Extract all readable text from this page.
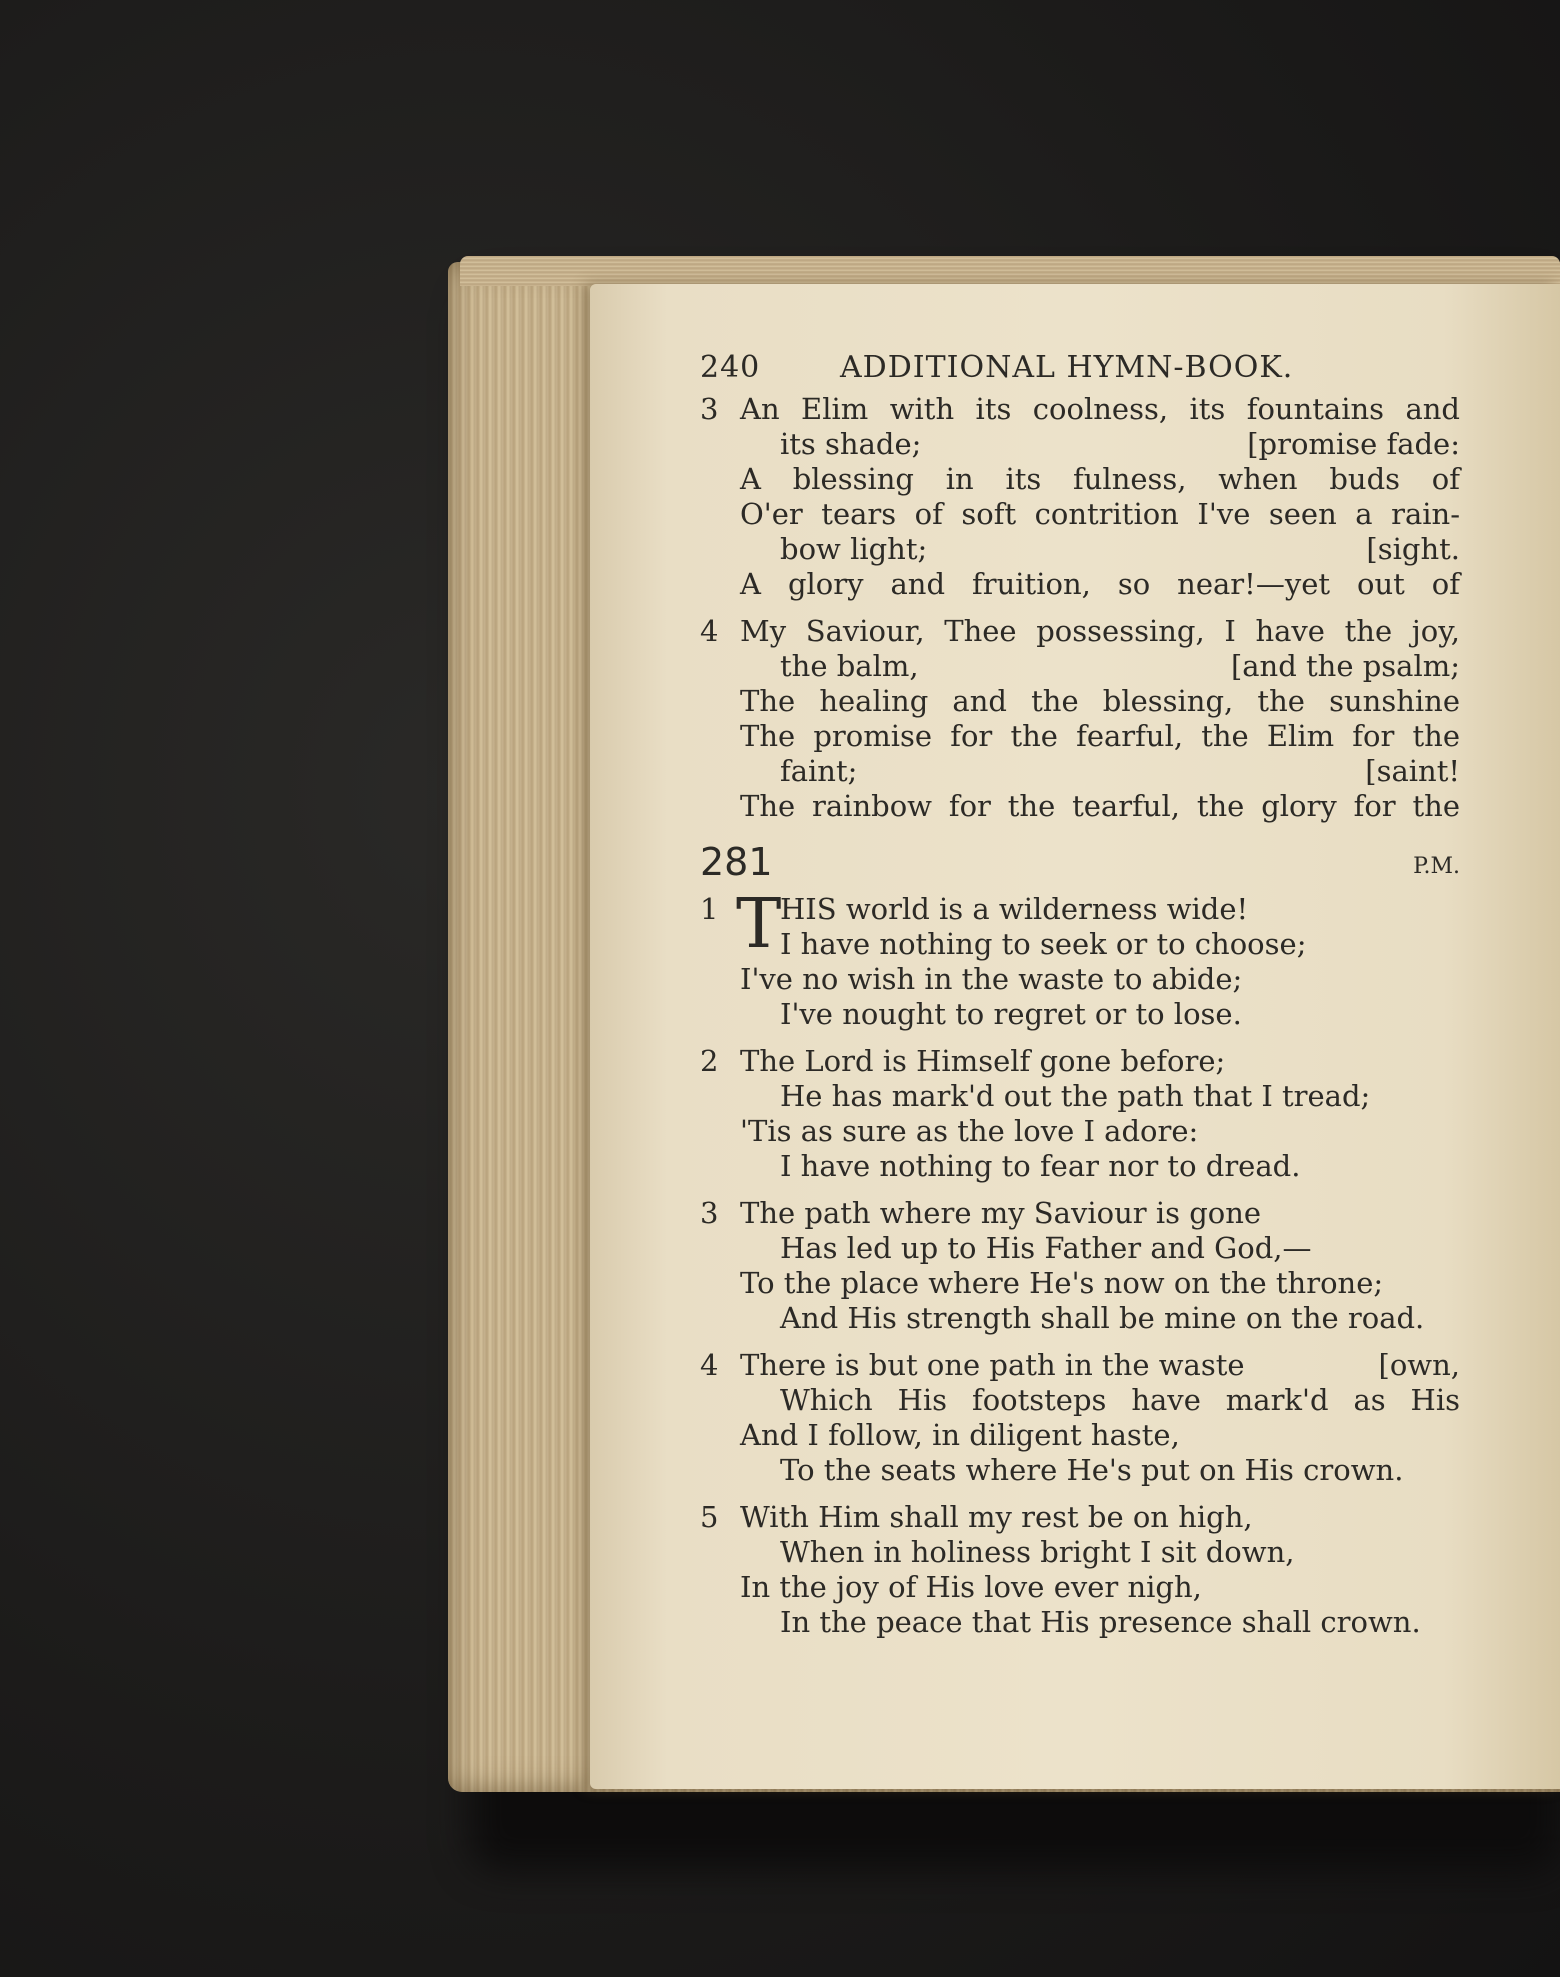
240	ADDITIONAL HYMN-BOOK.
3 An Elim with its coolness, its fountains and
its shade;	[promise fade:
A blessing in its fulness, when buds of
O'er tears of soft contrition I've seen a rain-
bow light;	[sight.
A glory and fruition, so near!—yet out of
4 My Saviour, Thee possessing, I have the joy,
the balm,	[and the psalm;
The healing and the blessing, the sunshine
The promise for the fearful, the Elim for the
faint;	[saint!
The rainbow for the tearful, the glory for the
281	P.M.
1 T
HIS world is a wilderness wide!
I have nothing to seek or to choose;
I've no wish in the waste to abide;
I've nought to regret or to lose.
2 The Lord is Himself gone before;
He has mark'd out the path that I tread;
'Tis as sure as the love I adore:
I have nothing to fear nor to dread.
3 The path where my Saviour is gone
Has led up to His Father and God,—
To the place where He's now on the throne;
And His strength shall be mine on the road.
4 There is but one path in the waste	[own,
Which His footsteps have mark'd as His
And I follow, in diligent haste,
To the seats where He's put on His crown.
5 With Him shall my rest be on high,
When in holiness bright I sit down,
In the joy of His love ever nigh,
In the peace that His presence shall crown.
